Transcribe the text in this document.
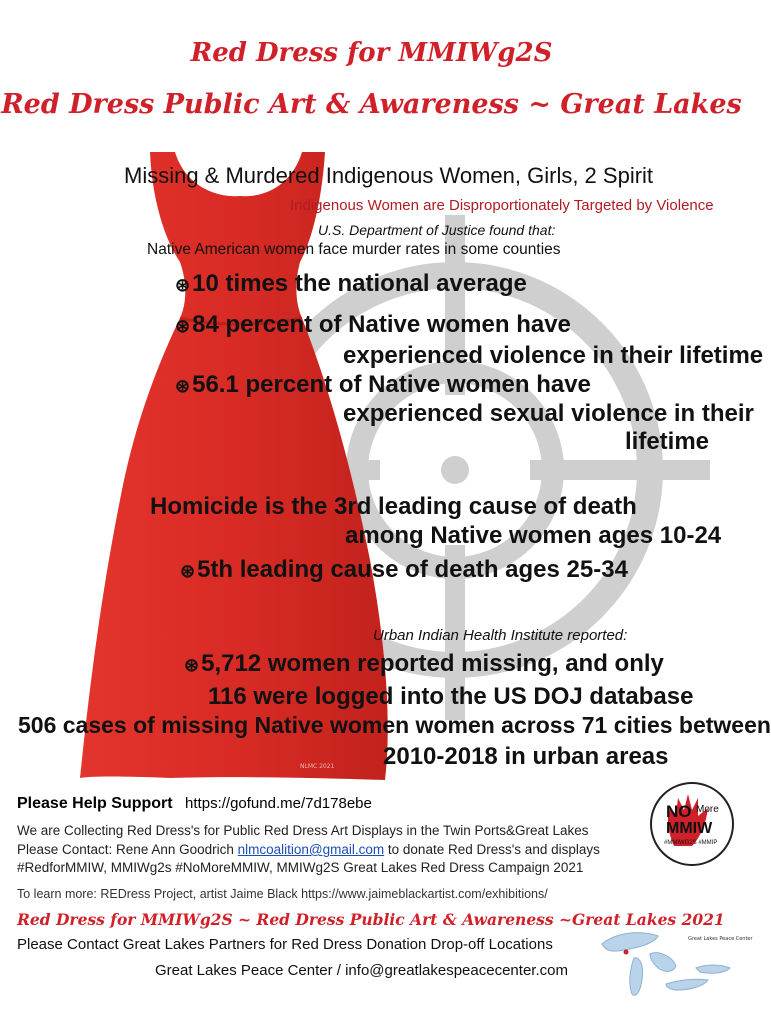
NLMC 2021
Red Dress for MMIWg2S
Red Dress Public Art & Awareness ~ Great Lakes

Missing & Murdered Indigenous Women, Girls, 2 Spirit

Indigenous Women are Disproportionately Targeted by Violence

U.S. Department of Justice found that:

Native American women face murder rates in some counties

⊛10 times the national average

⊛84 percent of Native women have

experienced violence in their lifetime

⊛56.1 percent of Native women have

experienced sexual violence in their

lifetime

Homicide is the 3rd leading cause of death

among Native women ages 10-24

⊛5th leading cause of death ages 25-34

Urban Indian Health Institute reported:

⊛5,712 women reported missing, and only

116 were logged into the US DOJ database

506 cases of missing Native women women across 71 cities between

2010-2018 in urban areas

Please Help Support https://gofund.me/7d178ebe

We are Collecting Red Dress's for Public Red Dress Art Displays in the Twin Ports&Great Lakes

Please Contact: Rene Ann Goodrich nlmcoalition@gmail.com to donate Red Dress's and displays

#RedforMMIW, MMIWg2s #NoMoreMMIW, MMIWg2S Great Lakes Red Dress Campaign 2021

To learn more: REDress Project, artist Jaime Black https://www.jaimeblackartist.com/exhibitions/

NO More
MMIW
#MMIWG2S #MMIP

Red Dress for MMIWg2S ~ Red Dress Public Art & Awareness ~Great Lakes 2021

Please Contact Great Lakes Partners for Red Dress Donation Drop-off Locations

Great Lakes Peace Center / info@greatlakespeacecenter.com

Great Lakes Peace Center
